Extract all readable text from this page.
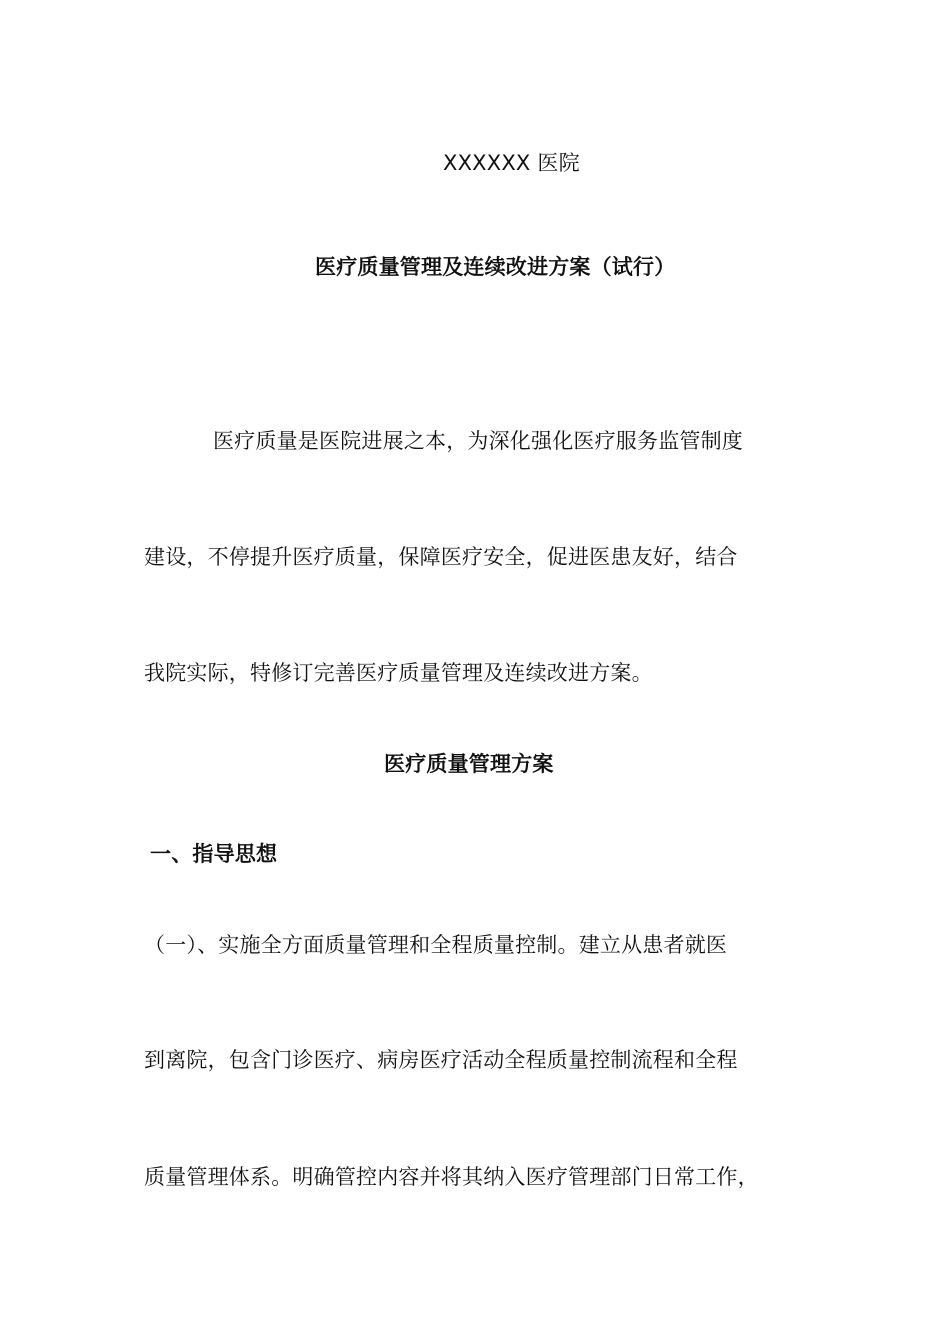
XXXXXX 医院
医疗质量管理及连续改进方案（试行）
医疗质量是医院进展之本，为深化强化医疗服务监管制度
建设，不停提升医疗质量，保障医疗安全，促进医患友好，结合
我院实际，特修订完善医疗质量管理及连续改进方案。
医疗质量管理方案
一、指导思想
（一）、实施全方面质量管理和全程质量控制。建立从患者就医
到离院，包含门诊医疗、病房医疗活动全程质量控制流程和全程
质量管理体系。明确管控内容并将其纳入医疗管理部门日常工作，
